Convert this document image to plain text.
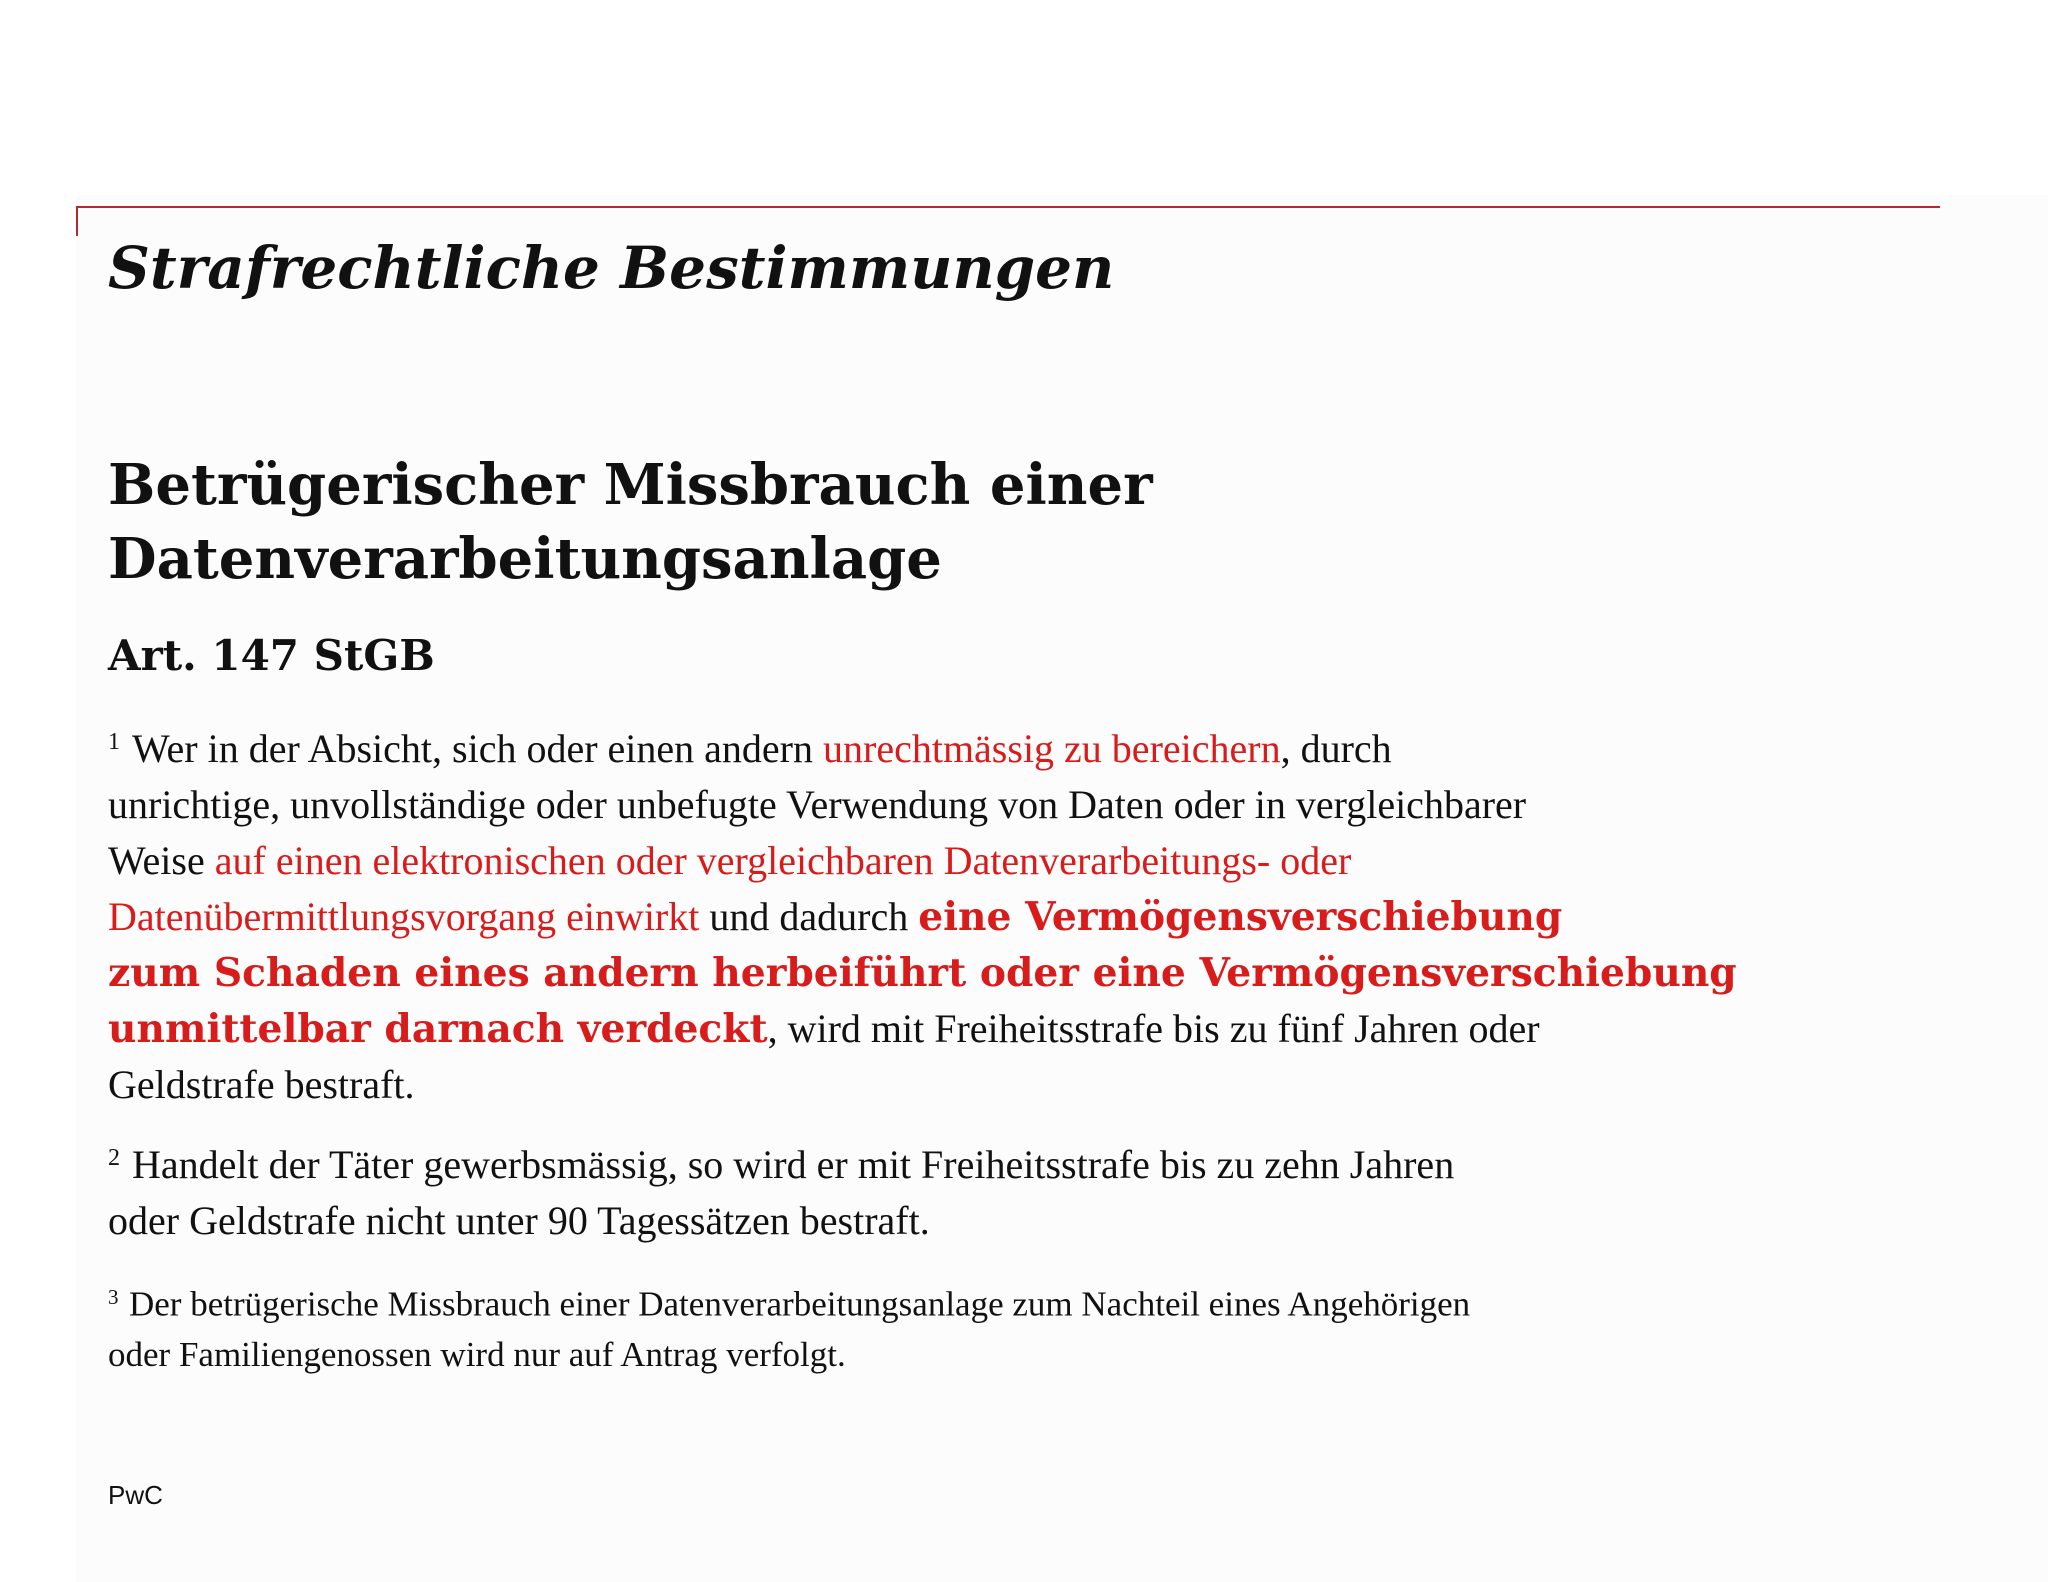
Strafrechtliche Bestimmungen
Betrügerischer Missbrauch einer
Datenverarbeitungsanlage

Art. 147 StGB

$^1$ Wer in der Absicht, sich oder einen andern unrechtmässig zu bereichern, durch
unrichtige, unvollständige oder unbefugte Verwendung von Daten oder in vergleichbarer
Weise auf einen elektronischen oder vergleichbaren Datenverarbeitungs- oder
Datenübermittlungsvorgang einwirkt und dadurch eine Vermögensverschiebung
zum Schaden eines andern herbeiführt oder eine Vermögensverschiebung
unmittelbar darnach verdeckt, wird mit Freiheitsstrafe bis zu fünf Jahren oder
Geldstrafe bestraft.
$^2$ Handelt der Täter gewerbsmässig, so wird er mit Freiheitsstrafe bis zu zehn Jahren
oder Geldstrafe nicht unter 90 Tagessätzen bestraft.
$^3$ Der betrügerische Missbrauch einer Datenverarbeitungsanlage zum Nachteil eines Angehörigen
oder Familiengenossen wird nur auf Antrag verfolgt.

PwC
